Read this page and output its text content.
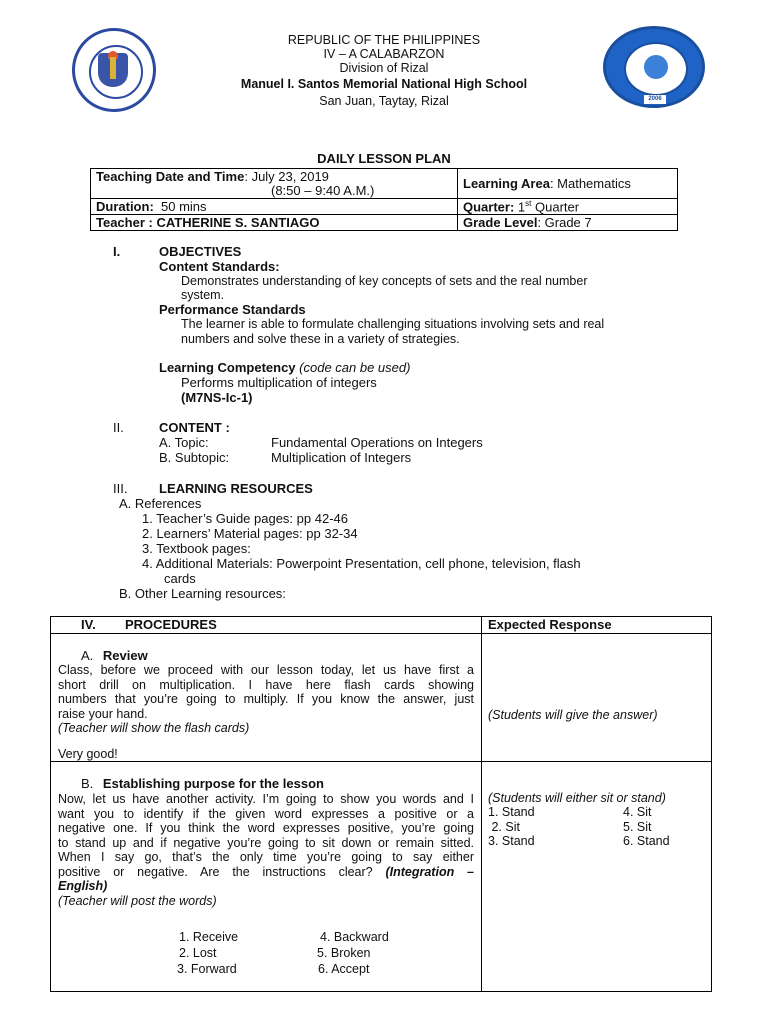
REPUBLIC OF THE PHILIPPINES
IV – A CALABARZON
Division of Rizal
Manuel I. Santos Memorial National High School
San Juan, Taytay, Rizal	2006
DAILY LESSON PLAN
Teaching Date and Time: July 23, 2019
(8:50 – 9:40 A.M.)	Learning Area: Mathematics
Duration: 50 mins	Quarter: 1st Quarter
Teacher : CATHERINE S. SANTIAGO	Grade Level: Grade 7
I.	OBJECTIVES
Content Standards:
Demonstrates understanding of key concepts of sets and the real number
system.
Performance Standards
The learner is able to formulate challenging situations involving sets and real
numbers and solve these in a variety of strategies.
Learning Competency (code can be used)
Performs multiplication of integers
(M7NS-Ic-1)
II.	CONTENT :
A. Topic:	Fundamental Operations on Integers
B. Subtopic:	Multiplication of Integers
III. LEARNING RESOURCES
A. References
1. Teacher’s Guide pages: pp 42-46
2. Learners’ Material pages: pp 32-34
3. Textbook pages:
4. Additional Materials: Powerpoint Presentation, cell phone, television, flash
cards
B. Other Learning resources:
IV. PROCEDURES	Expected Response
A. Review
Class, before we proceed with our lesson today, let us have first a
short drill on multiplication. I have here flash cards showing
numbers that you’re going to multiply. If you know the answer, just
raise your hand.
(Teacher will show the flash cards)
Very good!
(Students will give the answer)
B. Establishing purpose for the lesson
Now, let us have another activity. I’m going to show you words and I
want you to identify if the given word expresses a positive or a
negative one. If you think the word expresses positive, you’re going
to stand up and if negative you’re going to sit down or remain sitted.
When I say go, that’s the only time you’re going to say either
positive or negative. Are the instructions clear? (Integration –
English)
(Teacher will post the words)
1. Receive
2. Lost
3. Forward
4. Backward
5. Broken
6. Accept
(Students will either sit or stand)
1. Stand
2. Sit
3. Stand
4. Sit
5. Sit
6. Stand
